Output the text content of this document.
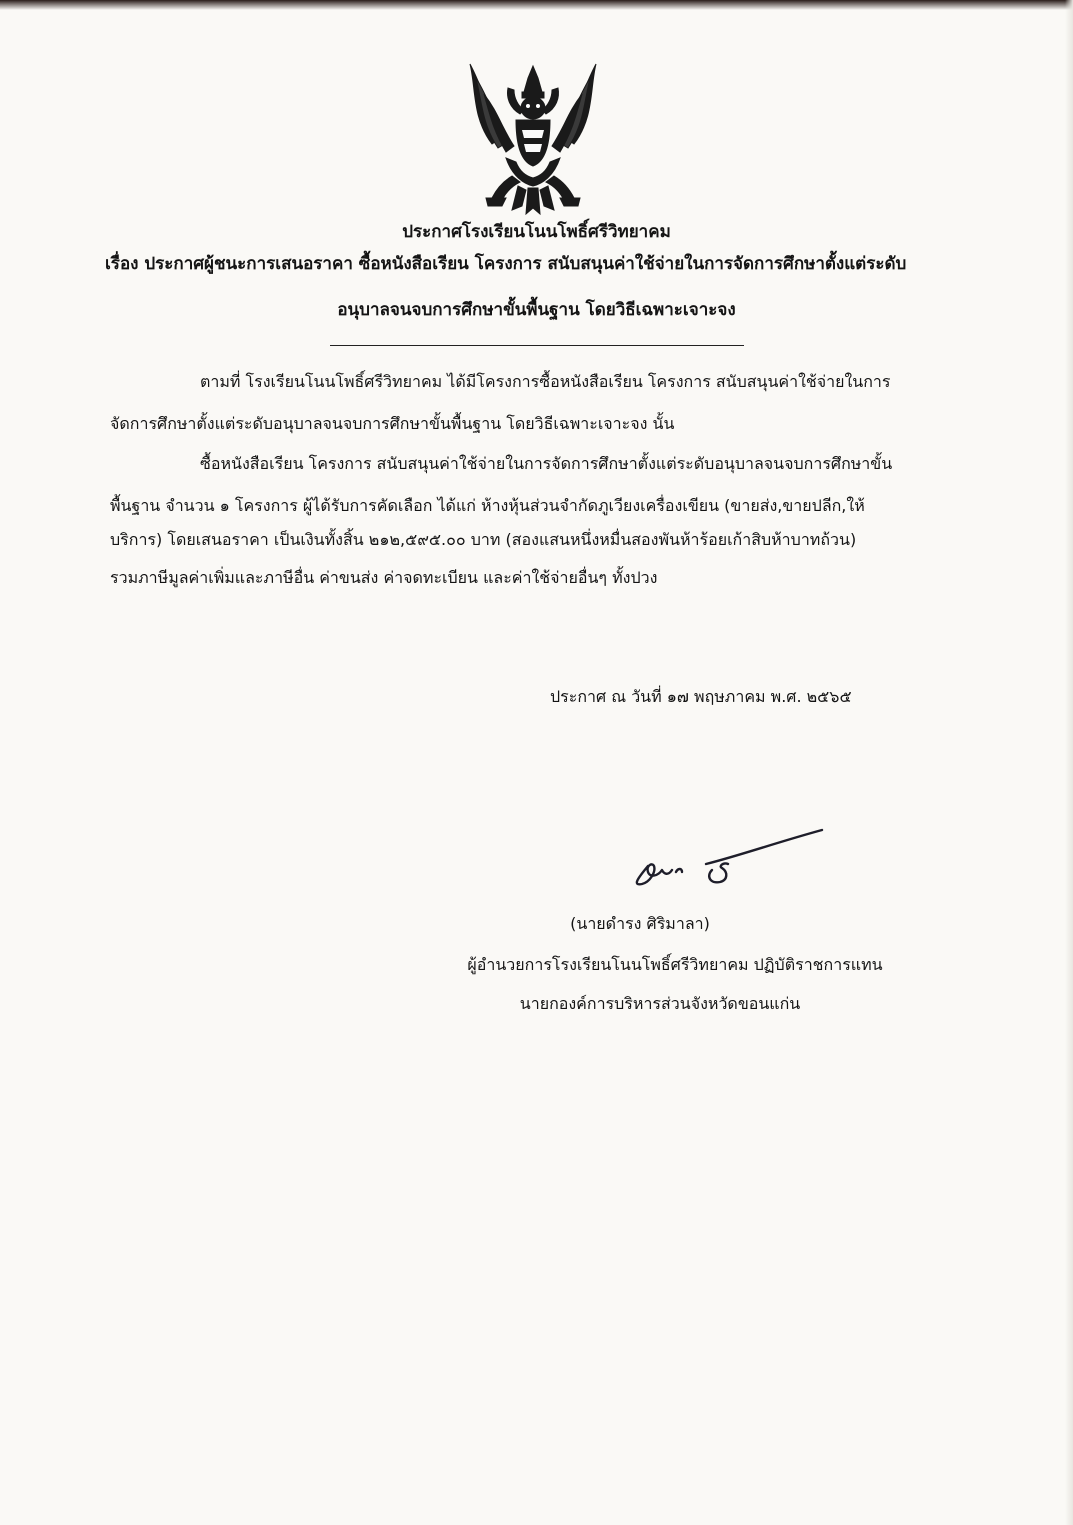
ประกาศโรงเรียนโนนโพธิ์ศรีวิทยาคม
เรื่อง ประกาศผู้ชนะการเสนอราคา ซื้อหนังสือเรียน โครงการ สนับสนุนค่าใช้จ่ายในการจัดการศึกษาตั้งแต่ระดับ
อนุบาลจนจบการศึกษาขั้นพื้นฐาน โดยวิธีเฉพาะเจาะจง
ตามที่ โรงเรียนโนนโพธิ์ศรีวิทยาคม ได้มีโครงการซื้อหนังสือเรียน โครงการ สนับสนุนค่าใช้จ่ายในการ
จัดการศึกษาตั้งแต่ระดับอนุบาลจนจบการศึกษาขั้นพื้นฐาน โดยวิธีเฉพาะเจาะจง นั้น
ซื้อหนังสือเรียน โครงการ สนับสนุนค่าใช้จ่ายในการจัดการศึกษาตั้งแต่ระดับอนุบาลจนจบการศึกษาขั้น
พื้นฐาน จำนวน ๑ โครงการ ผู้ได้รับการคัดเลือก ได้แก่ ห้างหุ้นส่วนจำกัดภูเวียงเครื่องเขียน (ขายส่ง,ขายปลีก,ให้
บริการ) โดยเสนอราคา เป็นเงินทั้งสิ้น ๒๑๒,๕๙๕.๐๐ บาท (สองแสนหนึ่งหมื่นสองพันห้าร้อยเก้าสิบห้าบาทถ้วน)
รวมภาษีมูลค่าเพิ่มและภาษีอื่น ค่าขนส่ง ค่าจดทะเบียน และค่าใช้จ่ายอื่นๆ ทั้งปวง
ประกาศ ณ วันที่ ๑๗ พฤษภาคม พ.ศ. ๒๕๖๕
(นายดำรง ศิริมาลา)
ผู้อำนวยการโรงเรียนโนนโพธิ์ศรีวิทยาคม ปฏิบัติราชการแทน
นายกองค์การบริหารส่วนจังหวัดขอนแก่น
